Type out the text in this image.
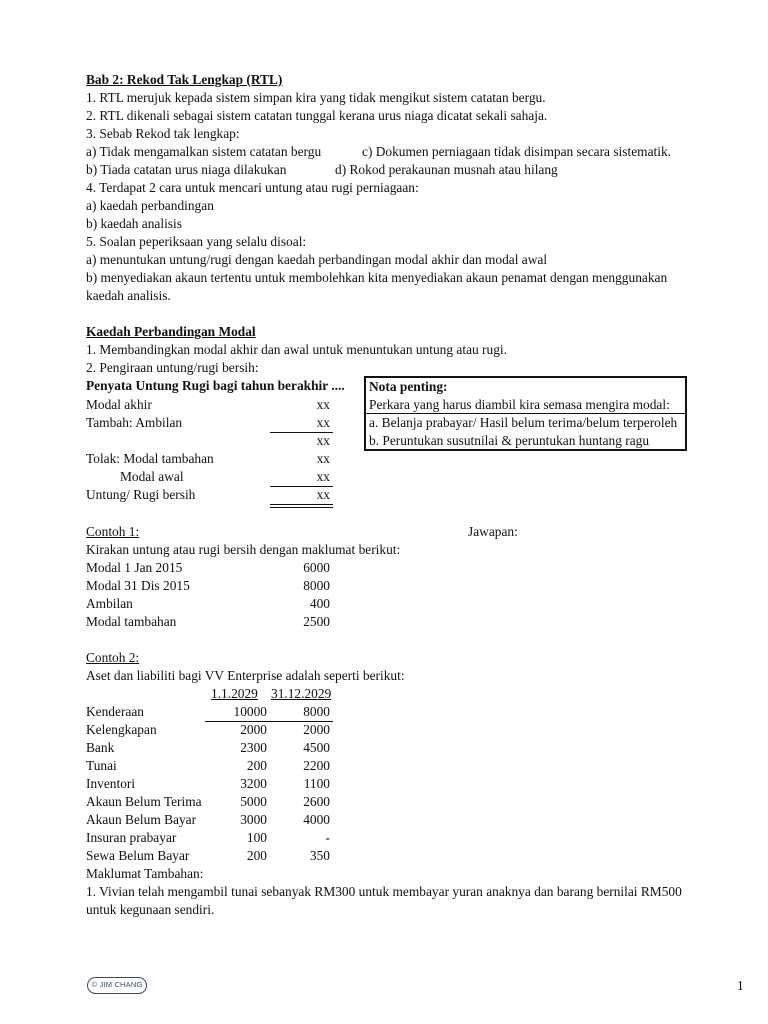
Bab 2: Rekod Tak Lengkap (RTL)
1. RTL merujuk kepada sistem simpan kira yang tidak mengikut sistem catatan bergu.
2. RTL dikenali sebagai sistem catatan tunggal kerana urus niaga dicatat sekali sahaja.
3. Sebab Rekod tak lengkap:
a) Tidak mengamalkan sistem catatan bergu	c) Dokumen perniagaan tidak disimpan secara sistematik.
b) Tiada catatan urus niaga dilakukan	d) Rokod perakaunan musnah atau hilang
4. Terdapat 2 cara untuk mencari untung atau rugi perniagaan:
a) kaedah perbandingan
b) kaedah analisis
5. Soalan peperiksaan yang selalu disoal:
a) menuntukan untung/rugi dengan kaedah perbandingan modal akhir dan modal awal
b) menyediakan akaun tertentu untuk membolehkan kita menyediakan akaun penamat dengan menggunakan
kaedah analisis.
Kaedah Perbandingan Modal
1. Membandingkan modal akhir dan awal untuk menuntukan untung atau rugi.
2. Pengiraan untung/rugi bersih:
Penyata Untung Rugi bagi tahun berakhir ....
Modal akhir	xx
Tambah: Ambilan	xx
xx
Tolak: Modal tambahan	xx
Modal awal	xx
Untung/ Rugi bersih	xx
Nota penting:
Perkara yang harus diambil kira semasa mengira modal:
a. Belanja prabayar/ Hasil belum terima/belum terperoleh
b. Peruntukan susutnilai & peruntukan huntang ragu
Contoh 1:	Jawapan:
Kirakan untung atau rugi bersih dengan maklumat berikut:
Modal 1 Jan 2015	6000
Modal 31 Dis 2015	8000
Ambilan	400
Modal tambahan	2500
Contoh 2:
Aset dan liabiliti bagi VV Enterprise adalah seperti berikut:
1.1.2029 31.12.2029
Kenderaan	10000	8000
Kelengkapan	2000	2000
Bank	2300	4500
Tunai	200	2200
Inventori	3200	1100
Akaun Belum Terima	5000	2600
Akaun Belum Bayar	3000	4000
Insuran prabayar	100	-
Sewa Belum Bayar	200	350
Maklumat Tambahan:
1. Vivian telah mengambil tunai sebanyak RM300 untuk membayar yuran anaknya dan barang bernilai RM500
untuk kegunaan sendiri.
© JIM CHANG	1
